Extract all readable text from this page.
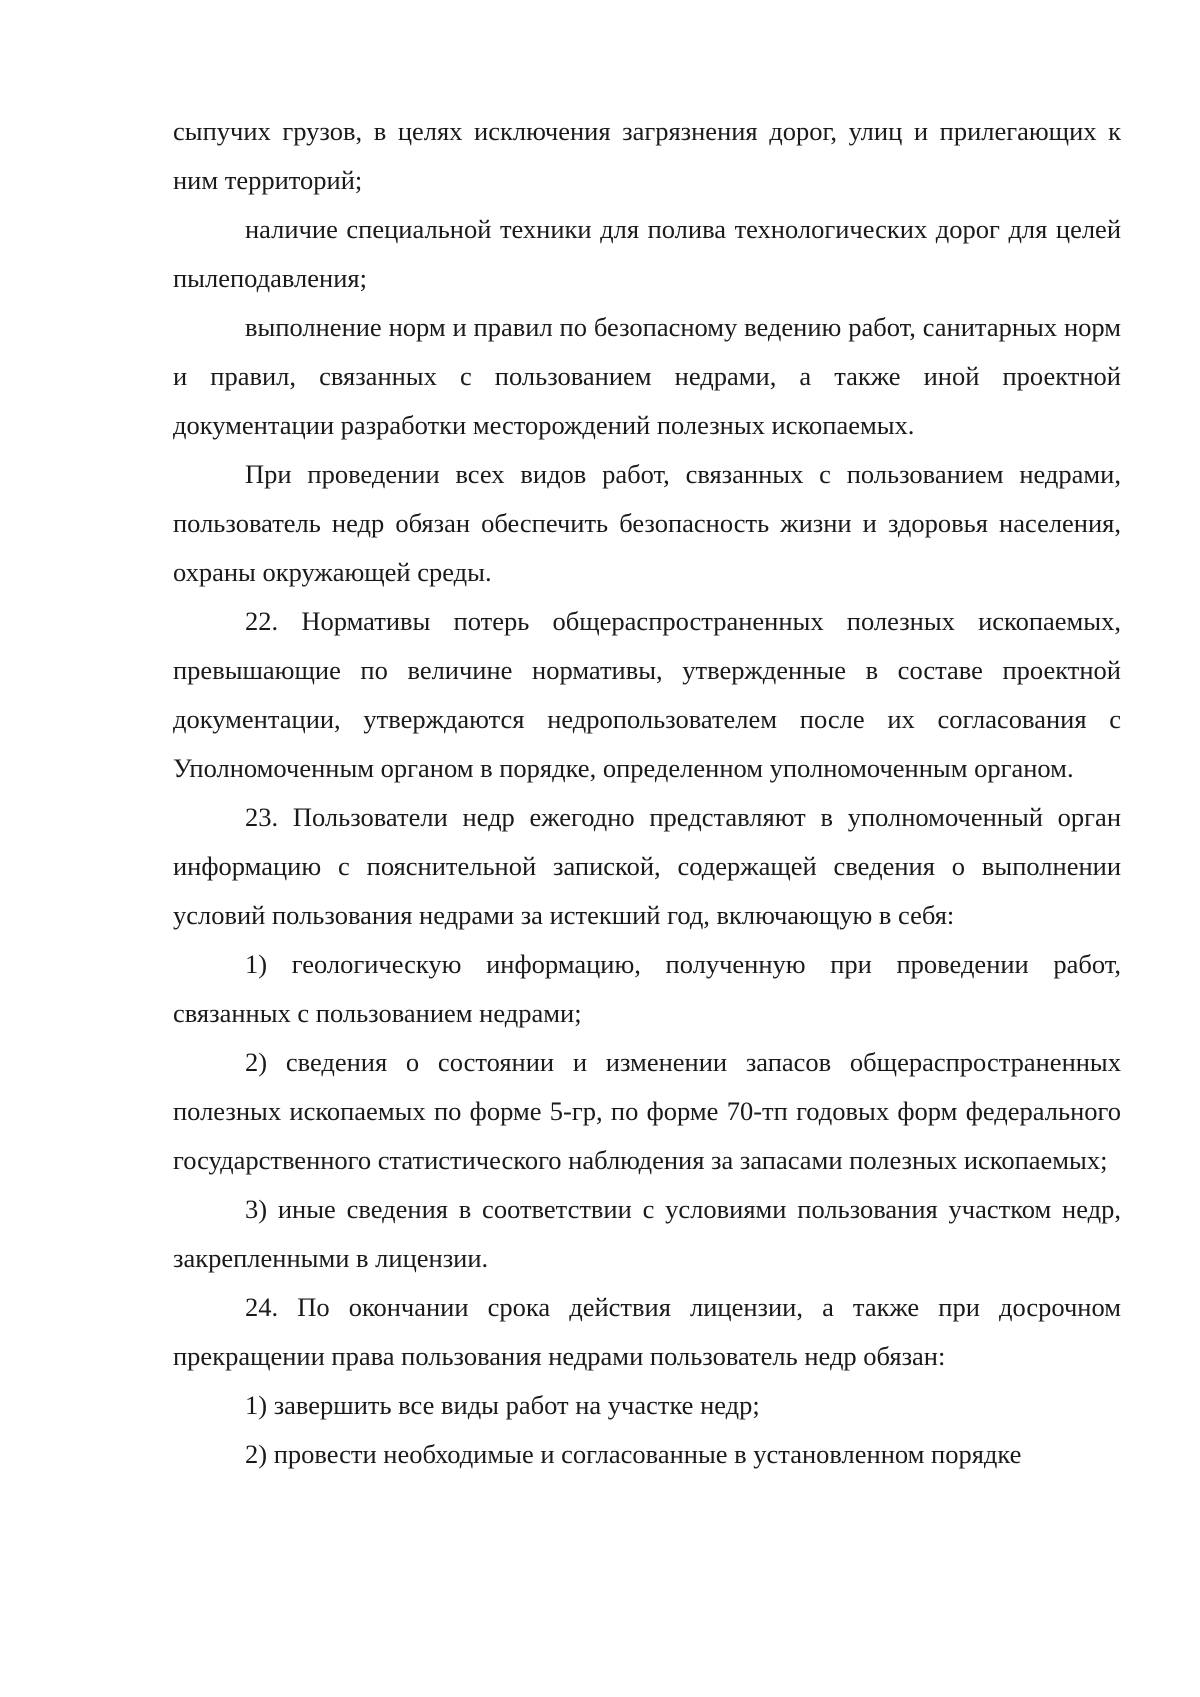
сыпучих грузов, в целях исключения загрязнения дорог, улиц и прилегающих к ним территорий;

наличие специальной техники для полива технологических дорог для целей пылеподавления;

выполнение норм и правил по безопасному ведению работ, санитарных норм и правил, связанных с пользованием недрами, а также иной проектной документации разработки месторождений полезных ископаемых.

При проведении всех видов работ, связанных с пользованием недрами, пользователь недр обязан обеспечить безопасность жизни и здоровья населения, охраны окружающей среды.

22. Нормативы потерь общераспространенных полезных ископаемых, превышающие по величине нормативы, утвержденные в составе проектной документации, утверждаются недропользователем после их согласования с Уполномоченным органом в порядке, определенном уполномоченным органом.

23. Пользователи недр ежегодно представляют в уполномоченный орган информацию с пояснительной запиской, содержащей сведения о выполнении условий пользования недрами за истекший год, включающую в себя:

1) геологическую информацию, полученную при проведении работ, связанных с пользованием недрами;

2) сведения о состоянии и изменении запасов общераспространенных полезных ископаемых по форме 5-гр, по форме 70-тп годовых форм федерального государственного статистического наблюдения за запасами полезных ископаемых;

3) иные сведения в соответствии с условиями пользования участком недр, закрепленными в лицензии.

24. По окончании срока действия лицензии, а также при досрочном прекращении права пользования недрами пользователь недр обязан:

1) завершить все виды работ на участке недр;

2) провести необходимые и согласованные в установленном порядке
